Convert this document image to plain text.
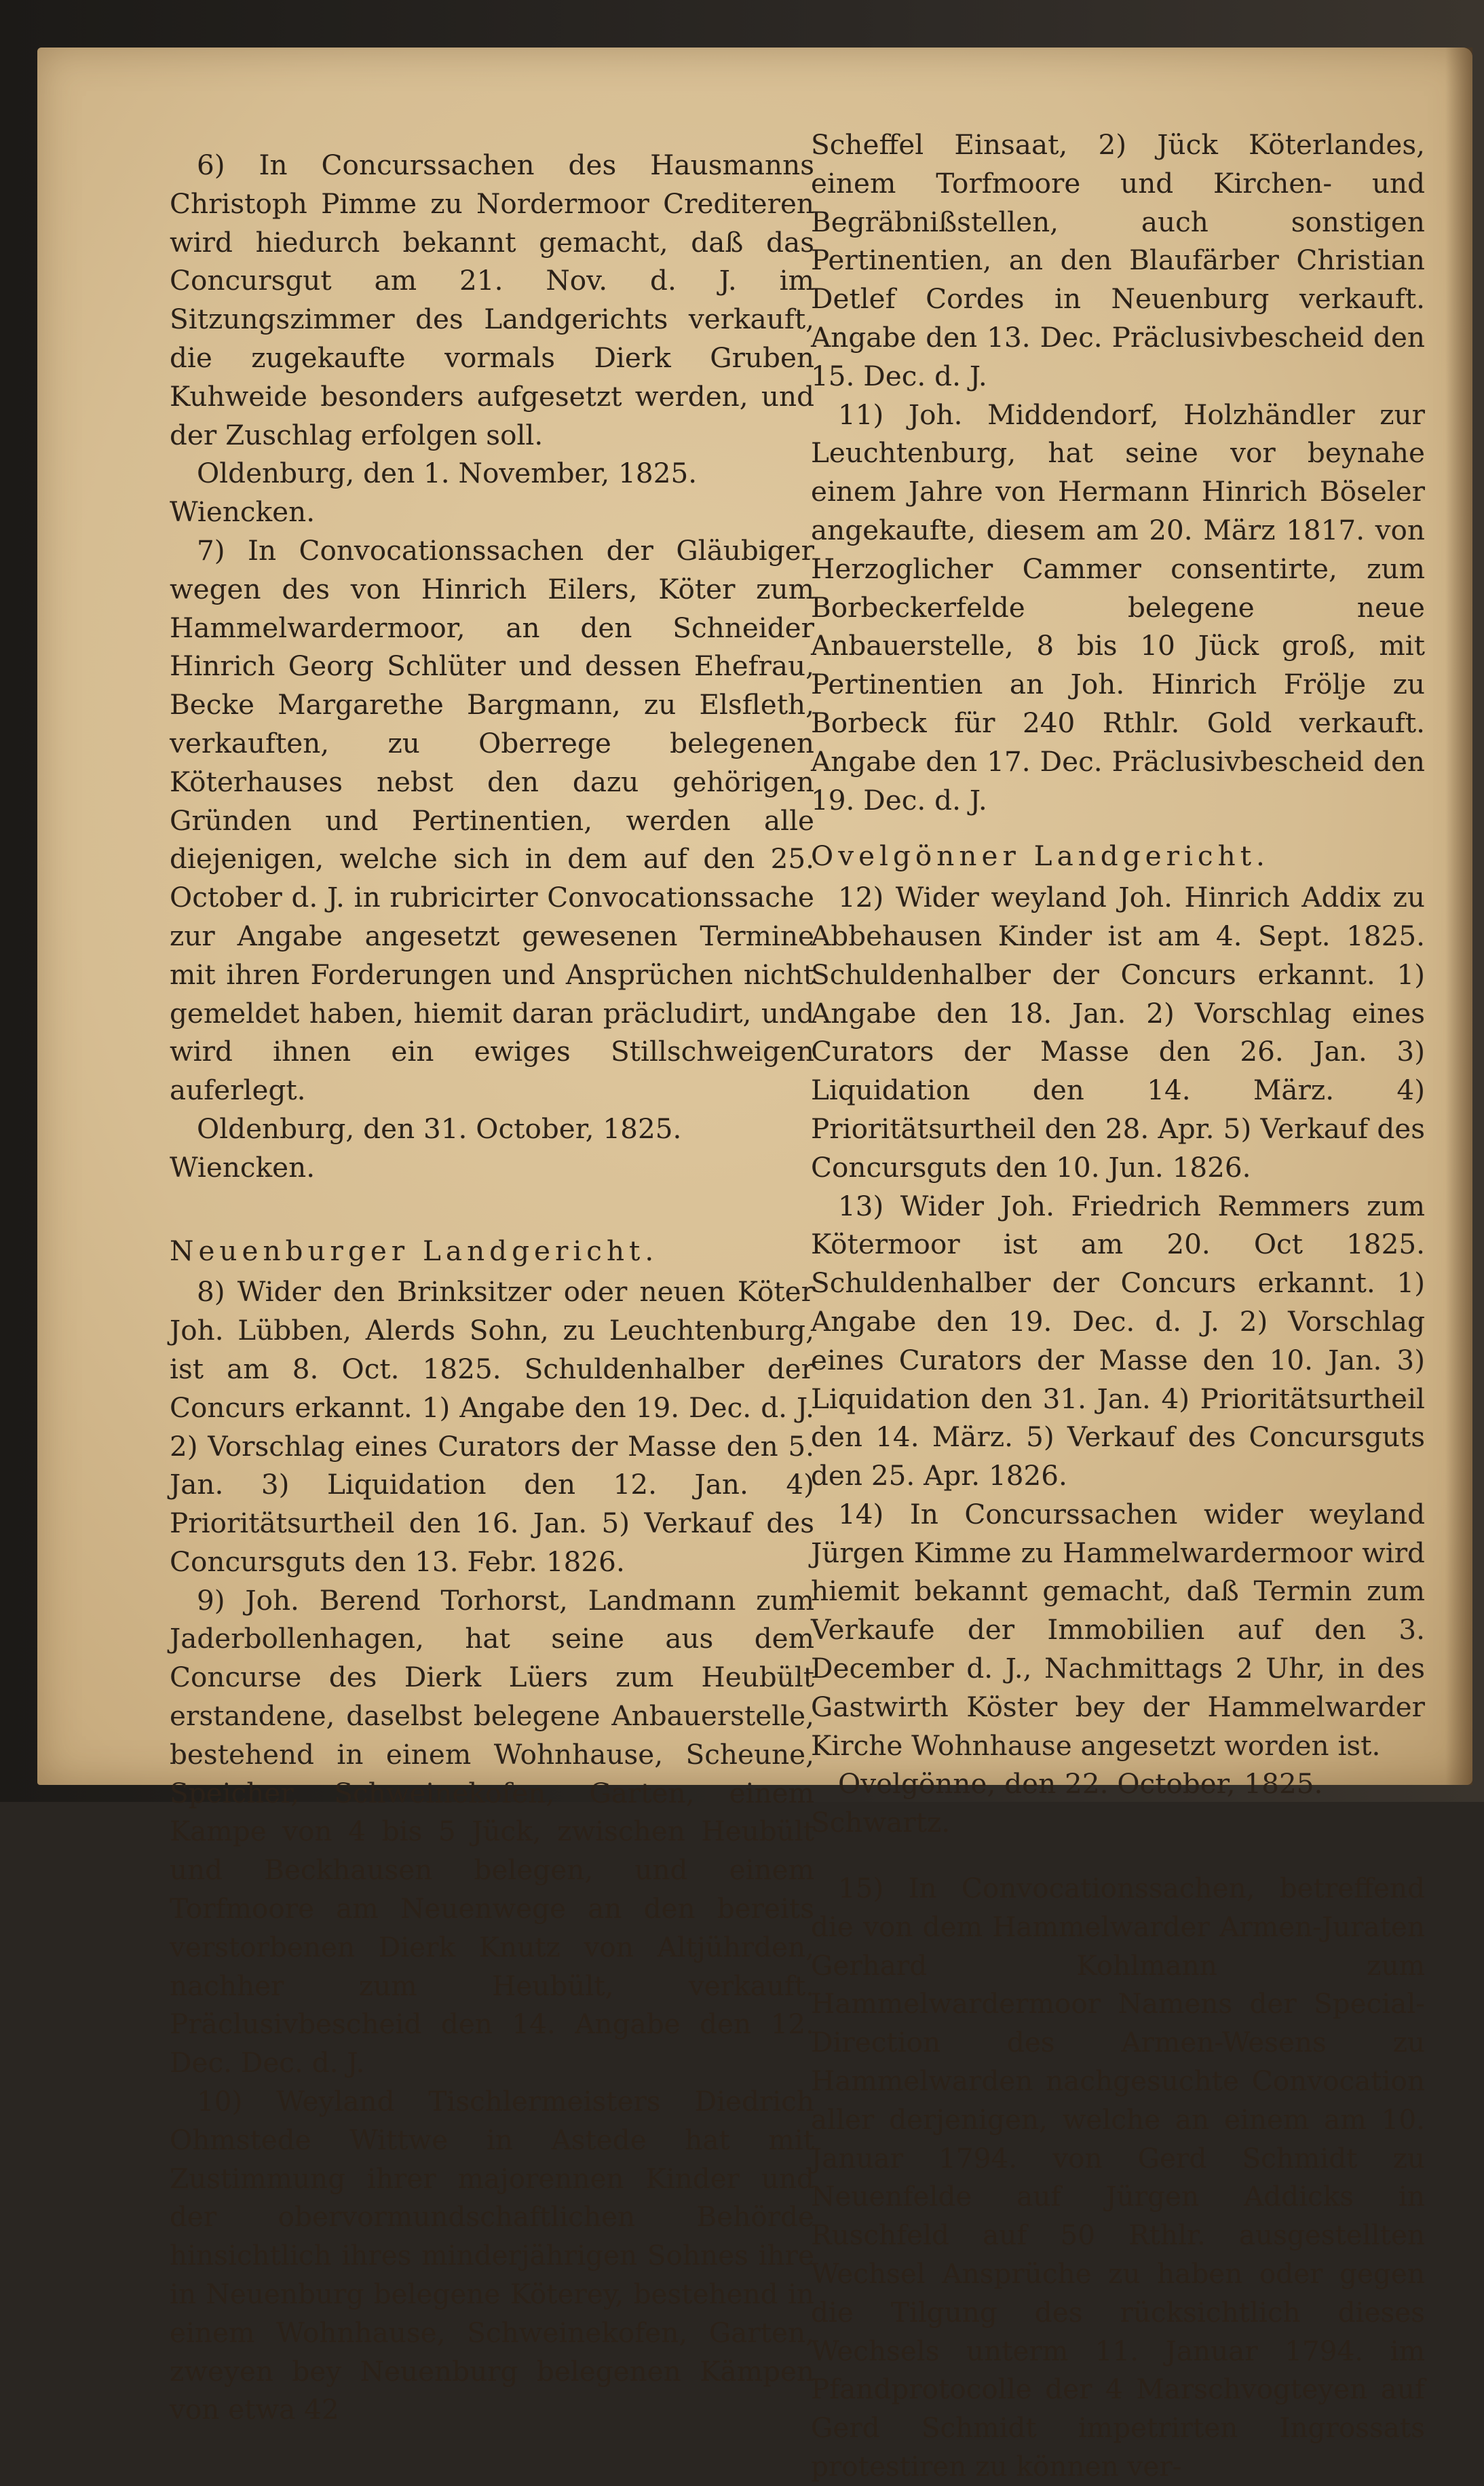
6) In Concurssachen des Hausmanns Christoph Pimme zu Nordermoor Crediteren wird hiedurch bekannt gemacht, daß das Concursgut am 21. Nov. d. J. im Sitzungszimmer des Landgerichts verkauft, die zugekaufte vormals Dierk Gruben Kuhweide besonders aufgesetzt werden, und der Zuschlag erfolgen soll.

Oldenburg, den 1. November, 1825.

Wiencken.

7) In Convocationssachen der Gläubiger wegen des von Hinrich Eilers, Köter zum Hammelwardermoor, an den Schneider Hinrich Georg Schlüter und dessen Ehefrau, Becke Margarethe Bargmann, zu Elsfleth, verkauften, zu Oberrege belegenen Köterhauses nebst den dazu gehörigen Gründen und Pertinentien, werden alle diejenigen, welche sich in dem auf den 25. October d. J. in rubricirter Convocationssache zur Angabe angesetzt gewesenen Termine mit ihren Forderungen und Ansprüchen nicht gemeldet haben, hiemit daran präcludirt, und wird ihnen ein ewiges Stillschweigen auferlegt.

Oldenburg, den 31. October, 1825.

Wiencken.

Neuenburger Landgericht.

8) Wider den Brinksitzer oder neuen Köter Joh. Lübben, Alerds Sohn, zu Leuchtenburg, ist am 8. Oct. 1825. Schuldenhalber der Concurs erkannt. 1) Angabe den 19. Dec. d. J. 2) Vorschlag eines Curators der Masse den 5. Jan. 3) Liquidation den 12. Jan. 4) Prioritätsurtheil den 16. Jan. 5) Verkauf des Concursguts den 13. Febr. 1826.

9) Joh. Berend Torhorst, Landmann zum Jaderbollenhagen, hat seine aus dem Concurse des Dierk Lüers zum Heubült erstandene, daselbst belegene Anbauerstelle, bestehend in einem Wohnhause, Scheune, Speicher, Schweinekofen, Garten, einem Kampe von 4 bis 5 Jück, zwischen Heubült und Beckhausen belegen, und einem Torfmoore am Neuenwege an den bereits verstorbenen Dierk Knutz von Altjührden, nachher zum Heubült, verkauft. Präclusivbescheid den 14. Angabe den 12. Dec. Dec. d. J.

10) Weyland Tischlermeisters Diedrich Ohmstede Wittwe in Astede hat mit Zustimmung ihrer majorennen Kinder und der obervormundschaftlichen Behörde hinsichtlich ihres minderjährigen Sohnes ihre in Neuenburg belegene Köterey, bestehend in einem Wohnhause, Schweinekofen, Garten, zweyen bey Neuenburg belegenen Kämpen von etwa 42

Scheffel Einsaat, 2) Jück Köterlandes, einem Torfmoore und Kirchen- und Begräbnißstellen, auch sonstigen Pertinentien, an den Blaufärber Christian Detlef Cordes in Neuenburg verkauft. Angabe den 13. Dec. Präclusivbescheid den 15. Dec. d. J.

11) Joh. Middendorf, Holzhändler zur Leuchtenburg, hat seine vor beynahe einem Jahre von Hermann Hinrich Böseler angekaufte, diesem am 20. März 1817. von Herzoglicher Cammer consentirte, zum Borbeckerfelde belegene neue Anbauerstelle, 8 bis 10 Jück groß, mit Pertinentien an Joh. Hinrich Frölje zu Borbeck für 240 Rthlr. Gold verkauft. Angabe den 17. Dec. Präclusivbescheid den 19. Dec. d. J.

Ovelgönner Landgericht.

12) Wider weyland Joh. Hinrich Addix zu Abbehausen Kinder ist am 4. Sept. 1825. Schuldenhalber der Concurs erkannt. 1) Angabe den 18. Jan. 2) Vorschlag eines Curators der Masse den 26. Jan. 3) Liquidation den 14. März. 4) Prioritätsurtheil den 28. Apr. 5) Verkauf des Concursguts den 10. Jun. 1826.

13) Wider Joh. Friedrich Remmers zum Kötermoor ist am 20. Oct 1825. Schuldenhalber der Concurs erkannt. 1) Angabe den 19. Dec. d. J. 2) Vorschlag eines Curators der Masse den 10. Jan. 3) Liquidation den 31. Jan. 4) Prioritätsurtheil den 14. März. 5) Verkauf des Concursguts den 25. Apr. 1826.

14) In Concurssachen wider weyland Jürgen Kimme zu Hammelwardermoor wird hiemit bekannt gemacht, daß Termin zum Verkaufe der Immobilien auf den 3. December d. J., Nachmittags 2 Uhr, in des Gastwirth Köster bey der Hammelwarder Kirche Wohnhause angesetzt worden ist.

Ovelgönne, den 22. October, 1825.

Schwartz.

15) In Convocationssachen, betreffend die von dem Hammelwarder Armen-Juraten Gerhard Kohlmann zum Hammelwardermoor Namens der Special-Direction des Armen-Wesens zu Hammelwarden nachgesuchte Convocation aller derjenigen, welche an einem am 10. Januar 1794. von Gerd Schmidt zu Neuenfelde auf Jürgen Addicks in Ruschfeld auf 50 Rthlr. ausgestellten Wechsel Ansprüche zu haben oder gegen die Tilgung des rücksichtlich dieses Wechsels unterm 11. Januar 1794. im Pfandprotocolle der 4 Marschvogteyen auf Gerd Schmidt impetrirten Ingrossats protestiren zu können ver-
